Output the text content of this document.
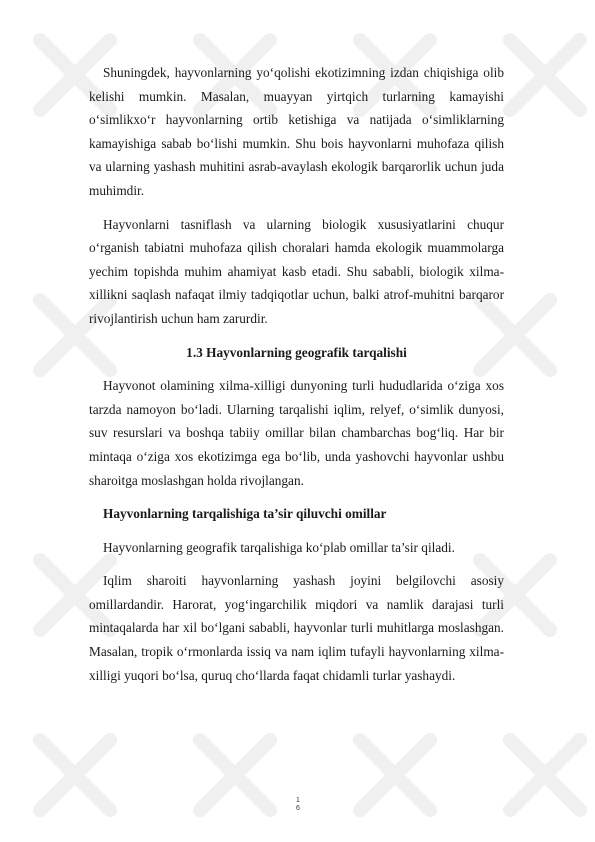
Shuningdek, hayvonlarning yo‘qolishi ekotizimning izdan chiqishiga olib kelishi mumkin. Masalan, muayyan yirtqich turlarning kamayishi o‘simlikxo‘r hayvonlarning ortib ketishiga va natijada o‘simliklarning kamayishiga sabab bo‘lishi mumkin. Shu bois hayvonlarni muhofaza qilish va ularning yashash muhitini asrab-avaylash ekologik barqarorlik uchun juda muhimdir.

Hayvonlarni tasniflash va ularning biologik xususiyatlarini chuqur o‘rganish tabiatni muhofaza qilish choralari hamda ekologik muammolarga yechim topishda muhim ahamiyat kasb etadi. Shu sababli, biologik xilma-xillikni saqlash nafaqat ilmiy tadqiqotlar uchun, balki atrof-muhitni barqaror rivojlantirish uchun ham zarurdir.

1.3 Hayvonlarning geografik tarqalishi

Hayvonot olamining xilma-xilligi dunyoning turli hududlarida o‘ziga xos tarzda namoyon bo‘ladi. Ularning tarqalishi iqlim, relyef, o‘simlik dunyosi, suv resurslari va boshqa tabiiy omillar bilan chambarchas bog‘liq. Har bir mintaqa o‘ziga xos ekotizimga ega bo‘lib, unda yashovchi hayvonlar ushbu sharoitga moslashgan holda rivojlangan.

Hayvonlarning tarqalishiga ta’sir qiluvchi omillar

Hayvonlarning geografik tarqalishiga ko‘plab omillar ta’sir qiladi.

Iqlim sharoiti hayvonlarning yashash joyini belgilovchi asosiy omillardandir. Harorat, yog‘ingarchilik miqdori va namlik darajasi turli mintaqalarda har xil bo‘lgani sababli, hayvonlar turli muhitlarga moslashgan. Masalan, tropik o‘rmonlarda issiq va nam iqlim tufayli hayvonlarning xilma-xilligi yuqori bo‘lsa, quruq cho‘llarda faqat chidamli turlar yashaydi.

1
6
